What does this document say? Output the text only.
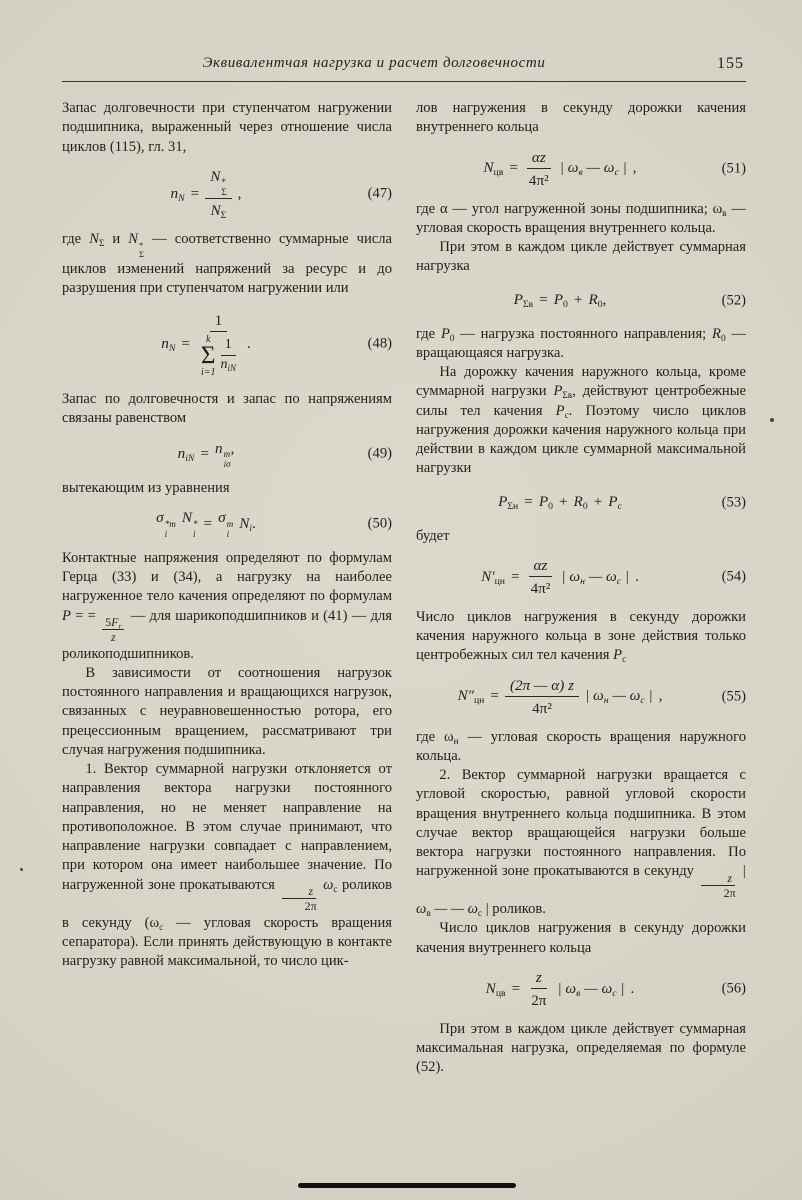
Эквивалентчая нагрузка и расчет долговечности	155

Запас долговечности при ступенчатом нагружении подшипника, выраженный через отношение числа циклов (115), гл. 31,

$n_N = N$ *
Σ
$N_\Sigma$ ,	(47)

где $N_\Sigma$ и N *
Σ
— соответственно суммарные числа циклов изменений напряжений за ресурс и до разрушения при ступенчатом нагружении или

$n_N = 1$
k
Σ
$i=1 \frac{1}{n_{iN}}$ .	(48)

Запас по долговечностя и запас по напряжениям связаны равенством

$n_{iN} = n$ m
iσ
,	(49)

вытекающим из уравнения

σ *m
i
N *
i
= σ m
i
$N_i$.	(50)

Контактные напряжения определяют по формулам Герца (33) и (34), а нагрузку на наиболее нагруженное тело качения определяют по формулам P = =
$\frac{5F_r}{z}$
— для шарикоподшипников и (41) — для роликоподшипников.

В зависимости от соотношения нагрузок постоянного направления и вращающихся нагрузок, связанных с неуравновешенностью ротора, его прецессионным вращением, рассматривают три случая нагружения подшипника.

1. Вектор суммарной нагрузки отклоняется от направления вектора нагрузки постоянного направления, но не меняет направление на противоположное. В этом случае принимают, что направление нагрузки совпадает с направлением, при котором она имеет наибольшее значение. По нагруженной зоне прокатываются
$\frac{z}{2\pi}$
$\omega_с$ роликов в секунду ($\omega_с$ — угловая скорость вращения сепаратора). Если принять действующую в контакте нагрузку равной максимальной, то число цик-

лов нагружения в секунду дорожки качения внутреннего кольца

$N_{цв} = \frac{\alpha z}{\text{4π²}}$ | $\omega_в$ — $\omega_с$ | ,	(51)

где α — угол нагруженной зоны подшипника; $\omega_в$ — угловая скорость вращения внутреннего кольца.

При этом в каждом цикле действует суммарная нагрузка

$P_{\Sigma в} = P_0 + R_0$,	(52)

где $P_0$ — нагрузка постоянного направления; $R_0$ — вращающаяся нагрузка.

На дорожку качения наружного кольца, кроме суммарной нагрузки $P_{\Sigma в}$, действуют центробежные силы тел качения $P_с$. Поэтому число циклов нагружения дорожки качения наружного кольца при действии в каждом цикле суммарной максимальной нагрузки

$P_{\Sigma н} = P_0 + R_0 + P_с$	(53)

будет

$N'_{цн} = \frac{\alpha z}{\text{4π²}}$ | $\omega_н$ — $\omega_с$ | .	(54)

Число циклов нагружения в секунду дорожки качения наружного кольца в зоне действия только центробежных сил тел качения $P_с$

$N''_{цн} = \frac{(2\pi — \alpha) z}{\text{4π²}}$ | $\omega_н$ — $\omega_с$ | ,	(55)

где $\omega_н$ — угловая скорость вращения наружного кольца.

2. Вектор суммарной нагрузки вращается с угловой скоростью, равной угловой скорости вращения внутреннего кольца подшипника. В этом случае вектор вращающейся нагрузки больше вектора нагрузки постоянного направления. По нагруженной зоне прокатываются в секунду
$\frac{z}{2\pi}$
| $\omega_в$ — — $\omega_с$ | роликов.

Число циклов нагружения в секунду дорожки качения внутреннего кольца

$N_{цв} = \frac{z}{2\pi}$ | $\omega_в$ — $\omega_с$ | .	(56)

При этом в каждом цикле действует суммарная максимальная нагрузка, определяемая по формуле (52).
